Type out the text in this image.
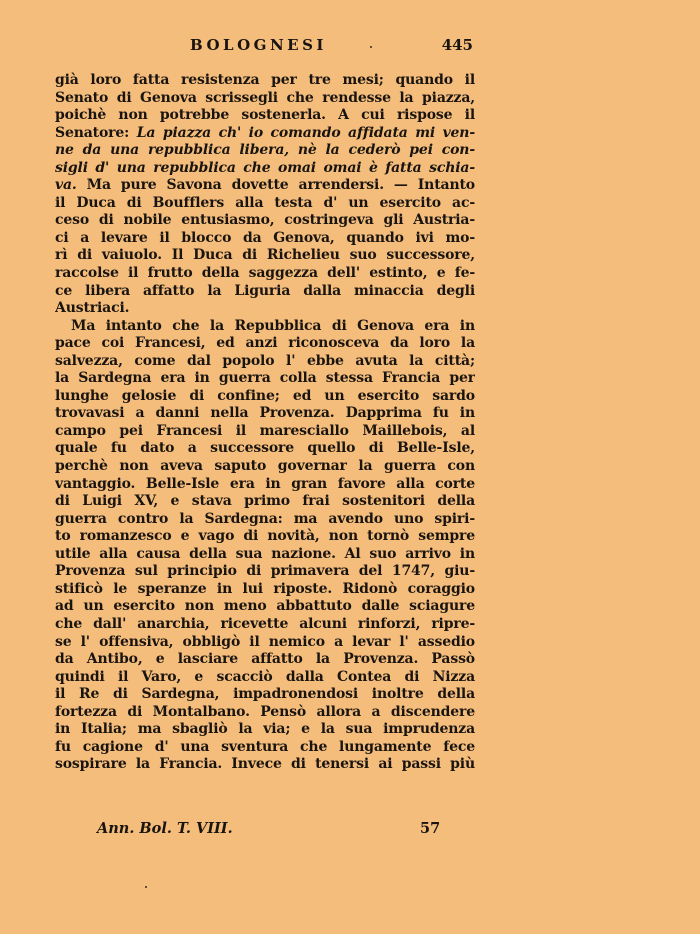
BOLOGNESI	445
già loro fatta resistenza per tre mesi; quando il
Senato di Genova scrissegli che rendesse la piazza,
poichè non potrebbe sostenerla. A cui rispose il
Senatore: La piazza ch' io comando affidata mi ven-
ne da una repubblica libera, nè la cederò pei con-
sigli d' una repubblica che omai omai è fatta schia-
va. Ma pure Savona dovette arrendersi. — Intanto
il Duca di Boufflers alla testa d' un esercito ac-
ceso di nobile entusiasmo, costringeva gli Austria-
ci a levare il blocco da Genova, quando ivi mo-
rì di vaiuolo. Il Duca di Richelieu suo successore,
raccolse il frutto della saggezza dell' estinto, e fe-
ce libera affatto la Liguria dalla minaccia degli
Austriaci.
Ma intanto che la Repubblica di Genova era in
pace coi Francesi, ed anzi riconosceva da loro la
salvezza, come dal popolo l' ebbe avuta la città;
la Sardegna era in guerra colla stessa Francia per
lunghe gelosie di confine; ed un esercito sardo
trovavasi a danni nella Provenza. Dapprima fu in
campo pei Francesi il maresciallo Maillebois, al
quale fu dato a successore quello di Belle-Isle,
perchè non aveva saputo governar la guerra con
vantaggio. Belle-Isle era in gran favore alla corte
di Luigi XV, e stava primo frai sostenitori della
guerra contro la Sardegna: ma avendo uno spiri-
to romanzesco e vago di novità, non tornò sempre
utile alla causa della sua nazione. Al suo arrivo in
Provenza sul principio di primavera del 1747, giu-
stificò le speranze in lui riposte. Ridonò coraggio
ad un esercito non meno abbattuto dalle sciagure
che dall' anarchia, ricevette alcuni rinforzi, ripre-
se l' offensiva, obbligò il nemico a levar l' assedio
da Antibo, e lasciare affatto la Provenza. Passò
quindi il Varo, e scacciò dalla Contea di Nizza
il Re di Sardegna, impadronendosi inoltre della
fortezza di Montalbano. Pensò allora a discendere
in Italia; ma sbagliò la via; e la sua imprudenza
fu cagione d' una sventura che lungamente fece
sospirare la Francia. Invece di tenersi ai passi più
Ann. Bol. T. VIII.	57
